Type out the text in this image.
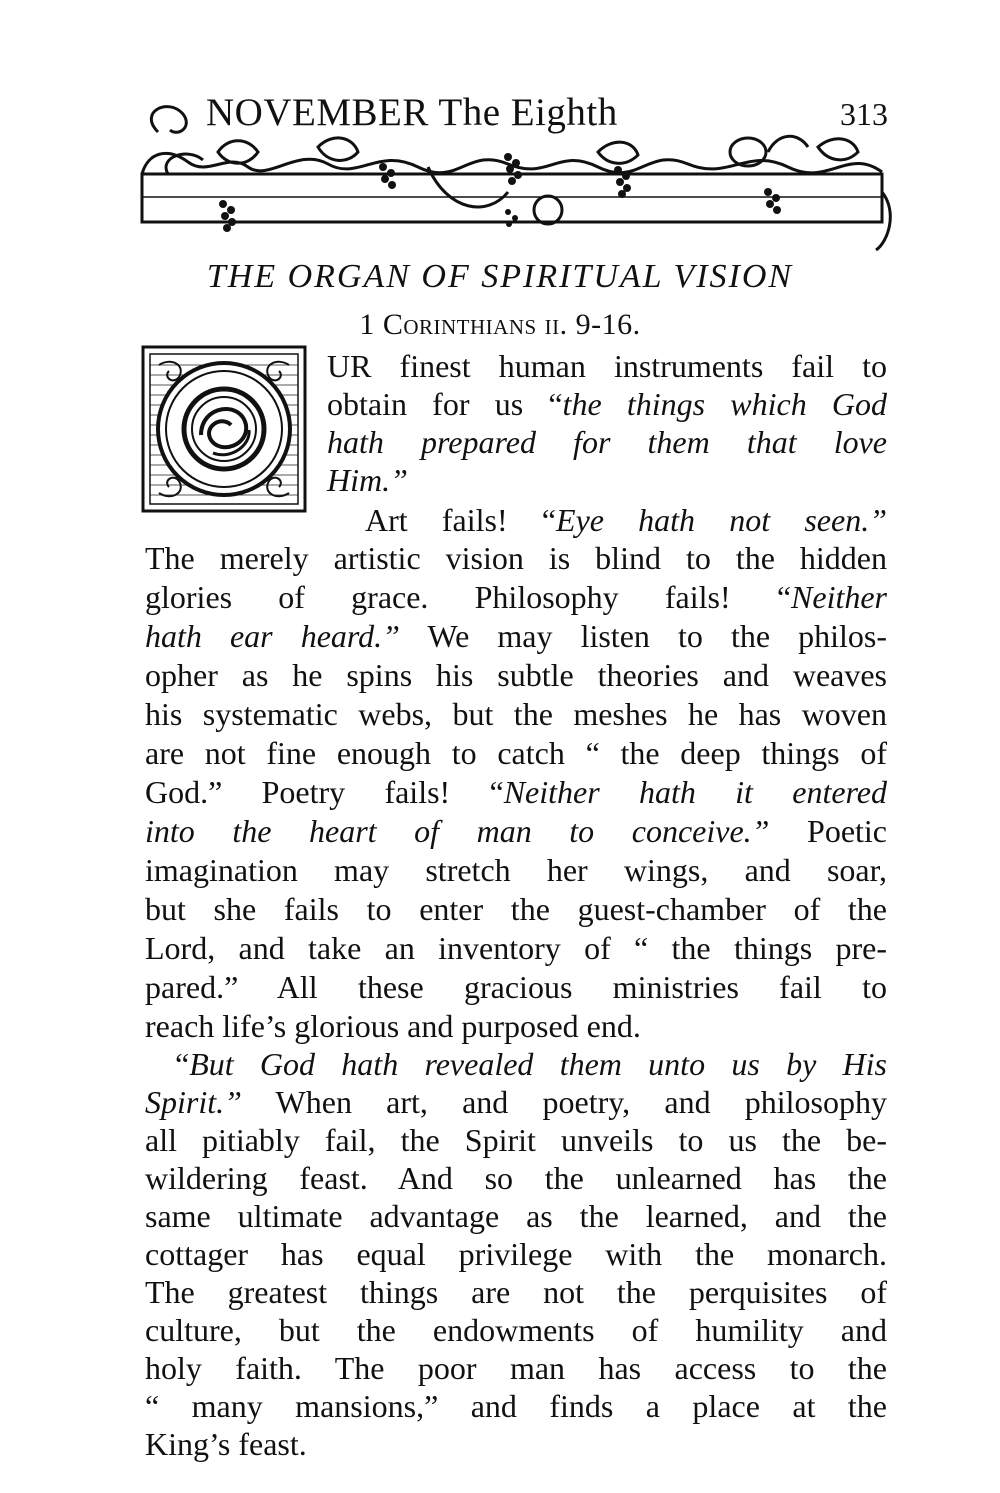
NOVEMBER The Eighth	313
THE ORGAN OF SPIRITUAL VISION
1 Corinthians ii. 9-16.
UR finest human instruments fail to
obtain for us “the things which God
hath prepared for them that love
Him.”
Art fails! “Eye hath not seen.”
The merely artistic vision is blind to the hidden
glories of grace. Philosophy fails! “Neither
hath ear heard.” We may listen to the philos-
opher as he spins his subtle theories and weaves
his systematic webs, but the meshes he has woven
are not fine enough to catch “ the deep things of
God.” Poetry fails! “Neither hath it entered
into the heart of man to conceive.” Poetic
imagination may stretch her wings, and soar,
but she fails to enter the guest-chamber of the
Lord, and take an inventory of “ the things pre-
pared.” All these gracious ministries fail to
reach life’s glorious and purposed end.
“But God hath revealed them unto us by His
Spirit.” When art, and poetry, and philosophy
all pitiably fail, the Spirit unveils to us the be-
wildering feast. And so the unlearned has the
same ultimate advantage as the learned, and the
cottager has equal privilege with the monarch.
The greatest things are not the perquisites of
culture, but the endowments of humility and
holy faith. The poor man has access to the
“ many mansions,” and finds a place at the
King’s feast.
